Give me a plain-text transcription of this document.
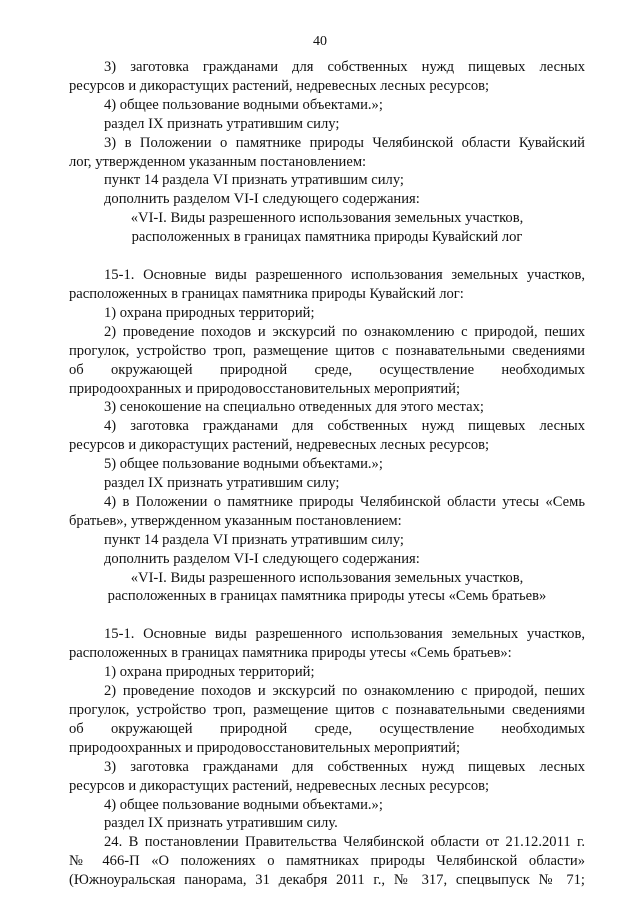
40
3) заготовка гражданами для собственных нужд пищевых лесных
ресурсов и дикорастущих растений, недревесных лесных ресурсов;
4) общее пользование водными объектами.»;
раздел IX признать утратившим силу;
3) в Положении о памятнике природы Челябинской области Кувайский
лог, утвержденном указанным постановлением:
пункт 14 раздела VI признать утратившим силу;
дополнить разделом VI-I следующего содержания:
«VI-I. Виды разрешенного использования земельных участков,
расположенных в границах памятника природы Кувайский лог
15-1. Основные виды разрешенного использования земельных участков,
расположенных в границах памятника природы Кувайский лог:
1) охрана природных территорий;
2) проведение походов и экскурсий по ознакомлению с природой, пеших
прогулок, устройство троп, размещение щитов с познавательными сведениями
об окружающей природной среде, осуществление необходимых
природоохранных и природовосстановительных мероприятий;
3) сенокошение на специально отведенных для этого местах;
4) заготовка гражданами для собственных нужд пищевых лесных
ресурсов и дикорастущих растений, недревесных лесных ресурсов;
5) общее пользование водными объектами.»;
раздел IX признать утратившим силу;
4) в Положении о памятнике природы Челябинской области утесы «Семь
братьев», утвержденном указанным постановлением:
пункт 14 раздела VI признать утратившим силу;
дополнить разделом VI-I следующего содержания:
«VI-I. Виды разрешенного использования земельных участков,
расположенных в границах памятника природы утесы «Семь братьев»
15-1. Основные виды разрешенного использования земельных участков,
расположенных в границах памятника природы утесы «Семь братьев»:
1) охрана природных территорий;
2) проведение походов и экскурсий по ознакомлению с природой, пеших
прогулок, устройство троп, размещение щитов с познавательными сведениями
об окружающей природной среде, осуществление необходимых
природоохранных и природовосстановительных мероприятий;
3) заготовка гражданами для собственных нужд пищевых лесных
ресурсов и дикорастущих растений, недревесных лесных ресурсов;
4) общее пользование водными объектами.»;
раздел IX признать утратившим силу.
24. В постановлении Правительства Челябинской области от 21.12.2011 г.
№ 466-П «О положениях о памятниках природы Челябинской области»
(Южноуральская панорама, 31 декабря 2011 г., № 317, спецвыпуск № 71;
